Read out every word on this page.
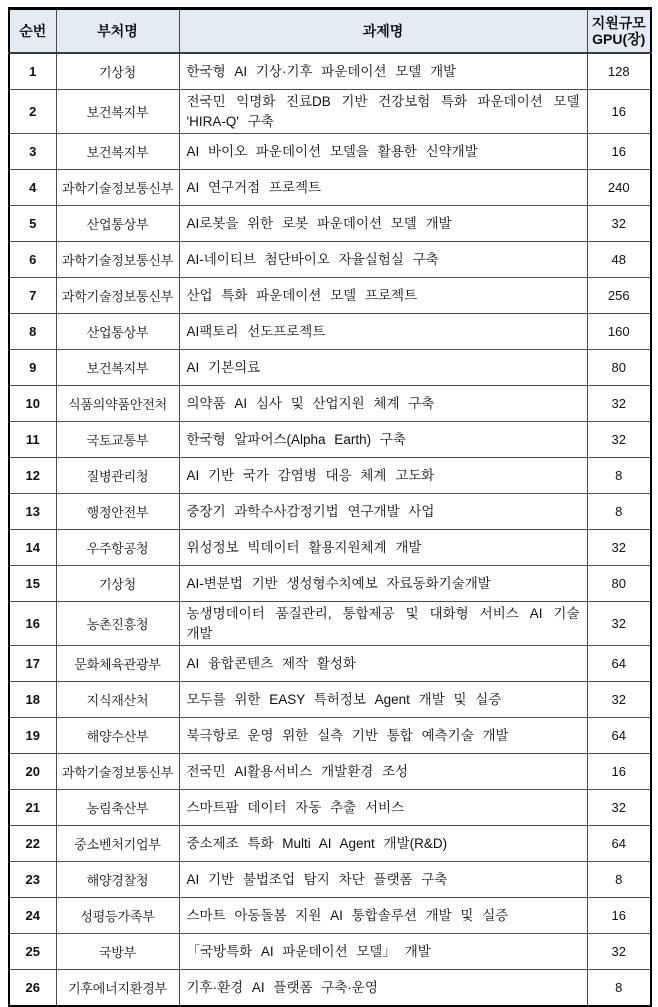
순번	부처명	과제명	지원규모
GPU(장)

1	기상청	한국형 AI 기상·기후 파운데이션 모델 개발	128
2	보건복지부	전국민 익명화 진료DB 기반 건강보험 특화 파운데이션 모델 'HIRA-Q' 구축	16
3	보건복지부	AI 바이오 파운데이션 모델을 활용한 신약개발	16
4	과학기술정보통신부	AI 연구거점 프로젝트	240
5	산업통상부	AI로봇을 위한 로봇 파운데이션 모델 개발	32
6	과학기술정보통신부	AI-네이티브 첨단바이오 자율실험실 구축	48
7	과학기술정보통신부	산업 특화 파운데이션 모델 프로젝트	256
8	산업통상부	AI팩토리 선도프로젝트	160
9	보건복지부	AI 기본의료	80
10	식품의약품안전처	의약품 AI 심사 및 산업지원 체계 구축	32
11	국토교통부	한국형 알파어스(Alpha Earth) 구축	32
12	질병관리청	AI 기반 국가 감염병 대응 체계 고도화	8
13	행정안전부	중장기 과학수사감정기법 연구개발 사업	8
14	우주항공청	위성정보 빅데이터 활용지원체계 개발	32
15	기상청	AI-변분법 기반 생성형수치예보 자료동화기술개발	80
16	농촌진흥청	농생명데이터 품질관리, 통합제공 및 대화형 서비스 AI 기술 개발	32
17	문화체육관광부	AI 융합콘텐츠 제작 활성화	64
18	지식재산처	모두를 위한 EASY 특허정보 Agent 개발 및 실증	32
19	해양수산부	북극항로 운영 위한 실측 기반 통합 예측기술 개발	64
20	과학기술정보통신부	전국민 AI활용서비스 개발환경 조성	16
21	농림축산부	스마트팜 데이터 자동 추출 서비스	32
22	중소벤처기업부	중소제조 특화 Multi AI Agent 개발(R&D)	64
23	해양경찰청	AI 기반 불법조업 탐지 차단 플랫폼 구축	8
24	성평등가족부	스마트 아동돌봄 지원 AI 통합솔루션 개발 및 실증	16
25	국방부	「국방특화 AI 파운데이션 모델」 개발	32
26	기후에너지환경부	기후·환경 AI 플랫폼 구축·운영	8
